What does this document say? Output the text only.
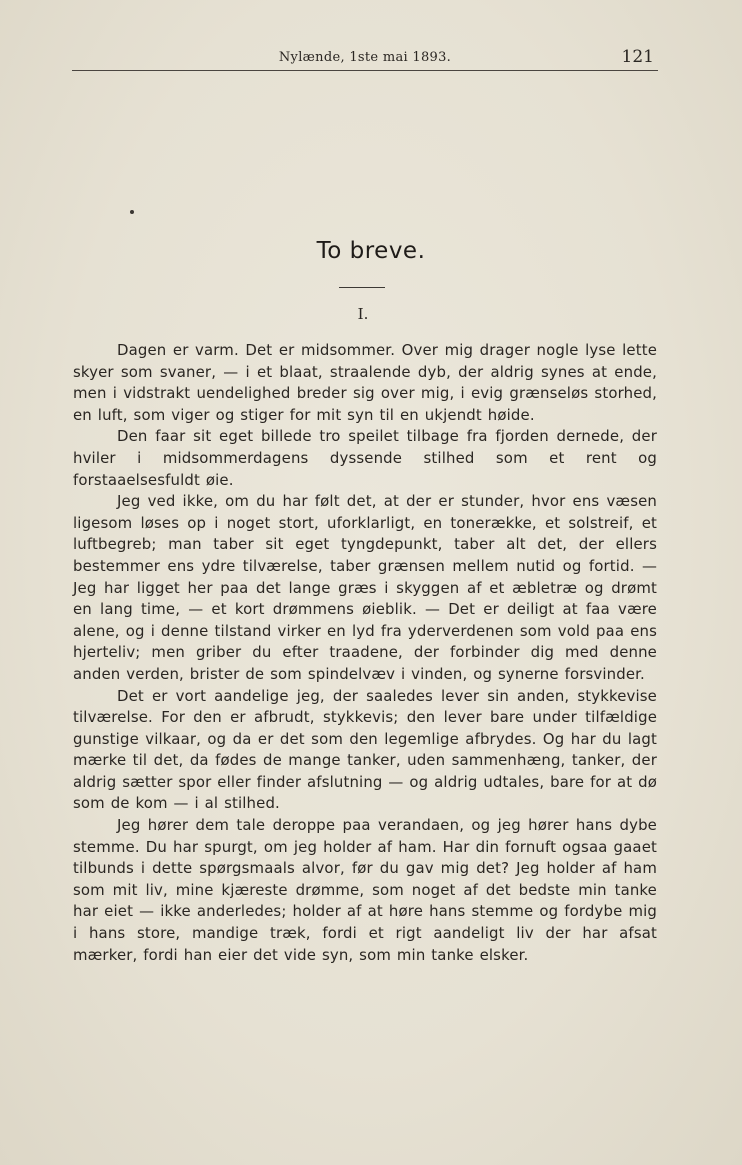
Nylænde, 1ste mai 1893.	121
To breve.
I.

Dagen er varm. Det er midsommer. Over mig drager nogle lyse lette skyer som svaner, — i et blaat, straalende dyb, der aldrig synes at ende, men i vidstrakt uendelighed breder sig over mig, i evig grænseløs storhed, en luft, som viger og stiger for mit syn til en ukjendt høide.

Den faar sit eget billede tro speilet tilbage fra fjorden dernede, der hviler i midsommerdagens dyssende stilhed som et rent og forstaaelsesfuldt øie.

Jeg ved ikke, om du har følt det, at der er stunder, hvor ens væsen ligesom løses op i noget stort, uforklarligt, en tonerække, et solstreif, et luftbegreb; man taber sit eget tyngdepunkt, taber alt det, der ellers bestemmer ens ydre tilværelse, taber grænsen mellem nutid og fortid. — Jeg har ligget her paa det lange græs i skyggen af et æbletræ og drømt en lang time, — et kort drømmens øieblik. — Det er deiligt at faa være alene, og i denne tilstand virker en lyd fra yderverdenen som vold paa ens hjerteliv; men griber du efter traadene, der forbinder dig med denne anden verden, brister de som spindelvæv i vinden, og synerne forsvinder.

Det er vort aandelige jeg, der saaledes lever sin anden, stykkevise tilværelse. For den er afbrudt, stykkevis; den lever bare under tilfældige gunstige vilkaar, og da er det som den legemlige afbrydes. Og har du lagt mærke til det, da fødes de mange tanker, uden sammenhæng, tanker, der aldrig sætter spor eller finder afslutning — og aldrig udtales, bare for at dø som de kom — i al stilhed.

Jeg hører dem tale deroppe paa verandaen, og jeg hører hans dybe stemme. Du har spurgt, om jeg holder af ham. Har din fornuft ogsaa gaaet tilbunds i dette spørgsmaals alvor, før du gav mig det? Jeg holder af ham som mit liv, mine kjæreste drømme, som noget af det bedste min tanke har eiet — ikke anderledes; holder af at høre hans stemme og fordybe mig i hans store, mandige træk, fordi et rigt aandeligt liv der har afsat mærker, fordi han eier det vide syn, som min tanke elsker.
